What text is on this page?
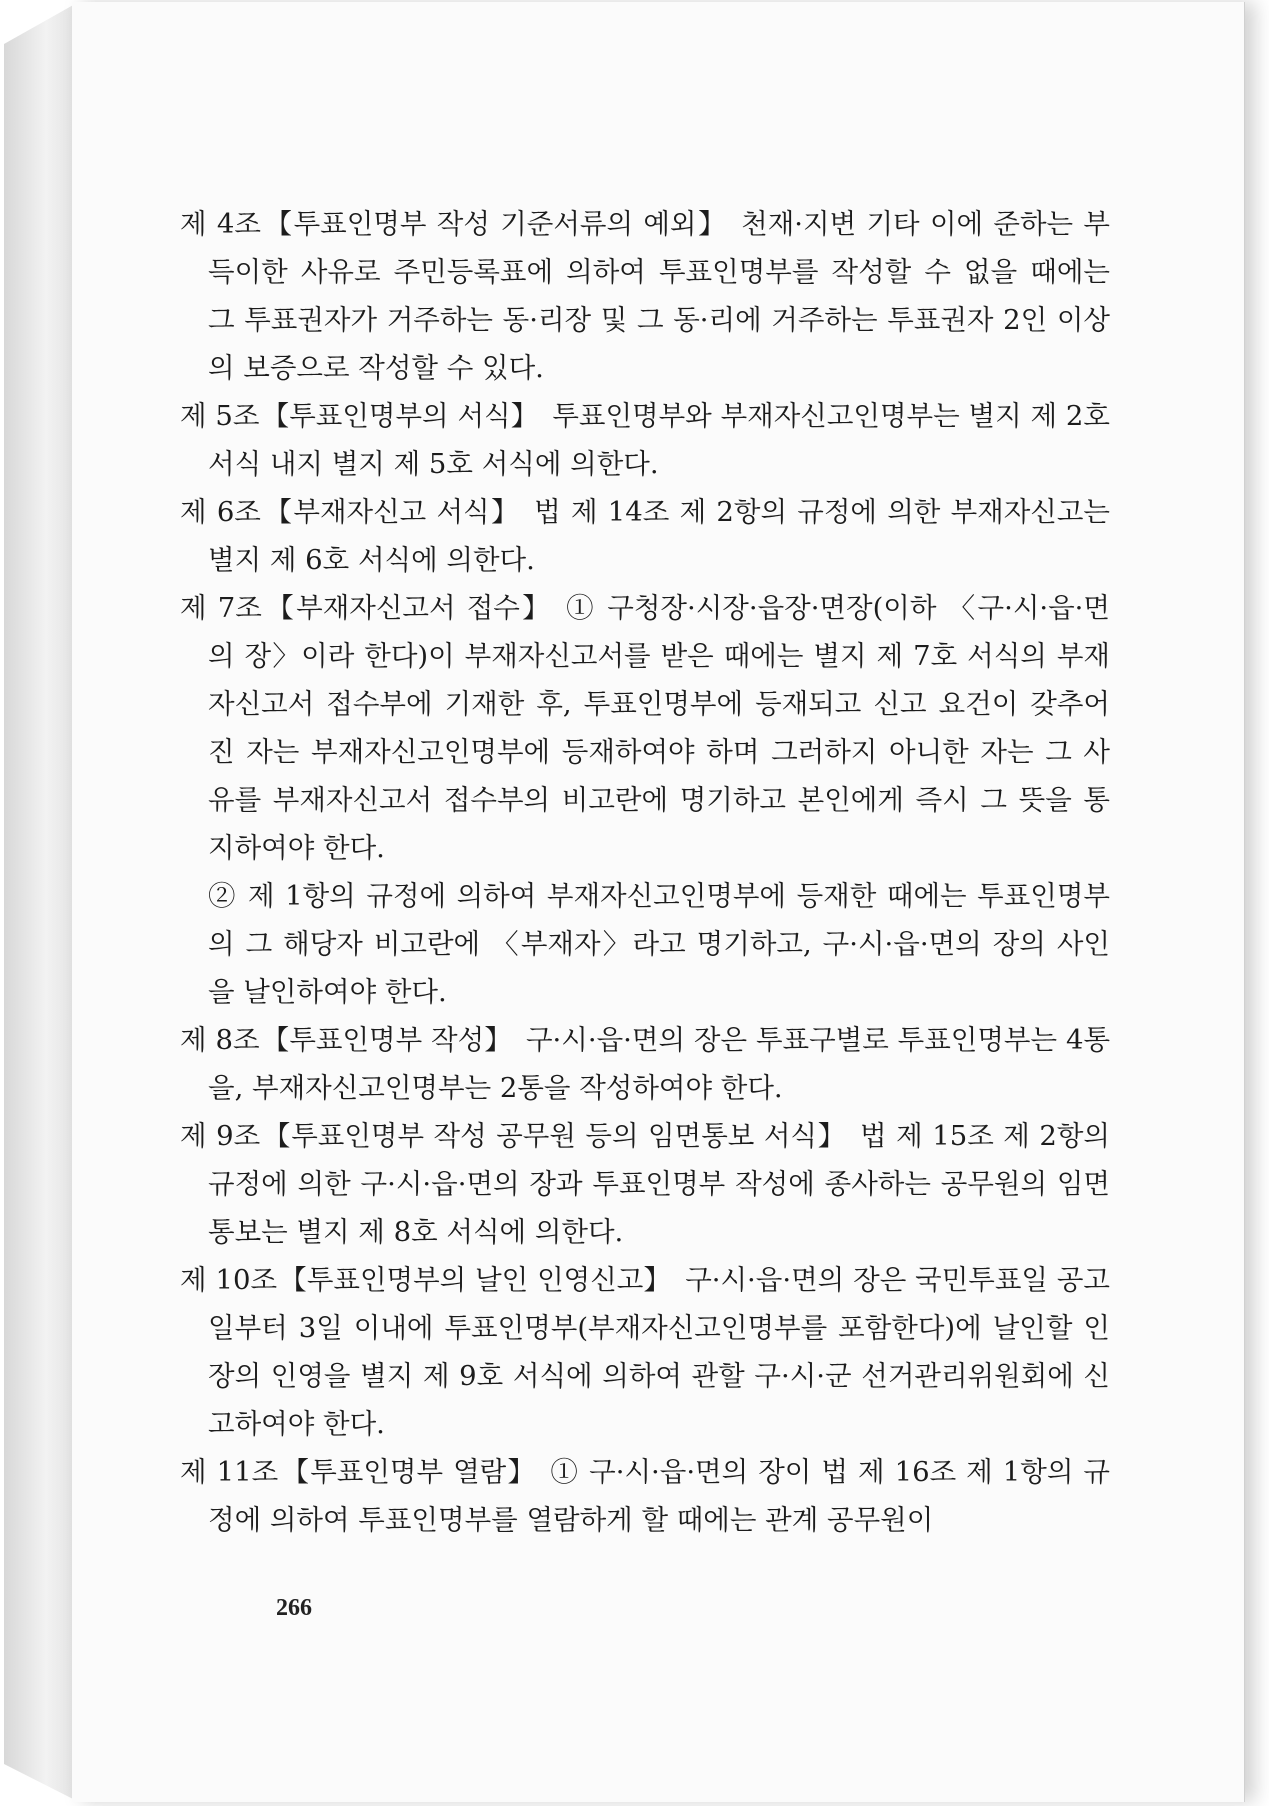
제 4조【투표인명부 작성 기준서류의 예외】 천재·지변 기타 이에 준하는 부득이한 사유로 주민등록표에 의하여 투표인명부를 작성할 수 없을 때에는 그 투표권자가 거주하는 동·리장 및 그 동·리에 거주하는 투표권자 2인 이상의 보증으로 작성할 수 있다.

제 5조【투표인명부의 서식】 투표인명부와 부재자신고인명부는 별지 제 2호 서식 내지 별지 제 5호 서식에 의한다.

제 6조【부재자신고 서식】 법 제 14조 제 2항의 규정에 의한 부재자신고는 별지 제 6호 서식에 의한다.

제 7조【부재자신고서 접수】 ① 구청장·시장·읍장·면장(이하 〈구·시·읍·면의 장〉이라 한다)이 부재자신고서를 받은 때에는 별지 제 7호 서식의 부재자신고서 접수부에 기재한 후, 투표인명부에 등재되고 신고 요건이 갖추어진 자는 부재자신고인명부에 등재하여야 하며 그러하지 아니한 자는 그 사유를 부재자신고서 접수부의 비고란에 명기하고 본인에게 즉시 그 뜻을 통지하여야 한다.

② 제 1항의 규정에 의하여 부재자신고인명부에 등재한 때에는 투표인명부의 그 해당자 비고란에 〈부재자〉라고 명기하고, 구·시·읍·면의 장의 사인을 날인하여야 한다.

제 8조【투표인명부 작성】 구·시·읍·면의 장은 투표구별로 투표인명부는 4통을, 부재자신고인명부는 2통을 작성하여야 한다.

제 9조【투표인명부 작성 공무원 등의 임면통보 서식】 법 제 15조 제 2항의 규정에 의한 구·시·읍·면의 장과 투표인명부 작성에 종사하는 공무원의 임면통보는 별지 제 8호 서식에 의한다.

제 10조【투표인명부의 날인 인영신고】 구·시·읍·면의 장은 국민투표일 공고일부터 3일 이내에 투표인명부(부재자신고인명부를 포함한다)에 날인할 인장의 인영을 별지 제 9호 서식에 의하여 관할 구·시·군 선거관리위원회에 신고하여야 한다.

제 11조【투표인명부 열람】 ① 구·시·읍·면의 장이 법 제 16조 제 1항의 규정에 의하여 투표인명부를 열람하게 할 때에는 관계 공무원이

266
